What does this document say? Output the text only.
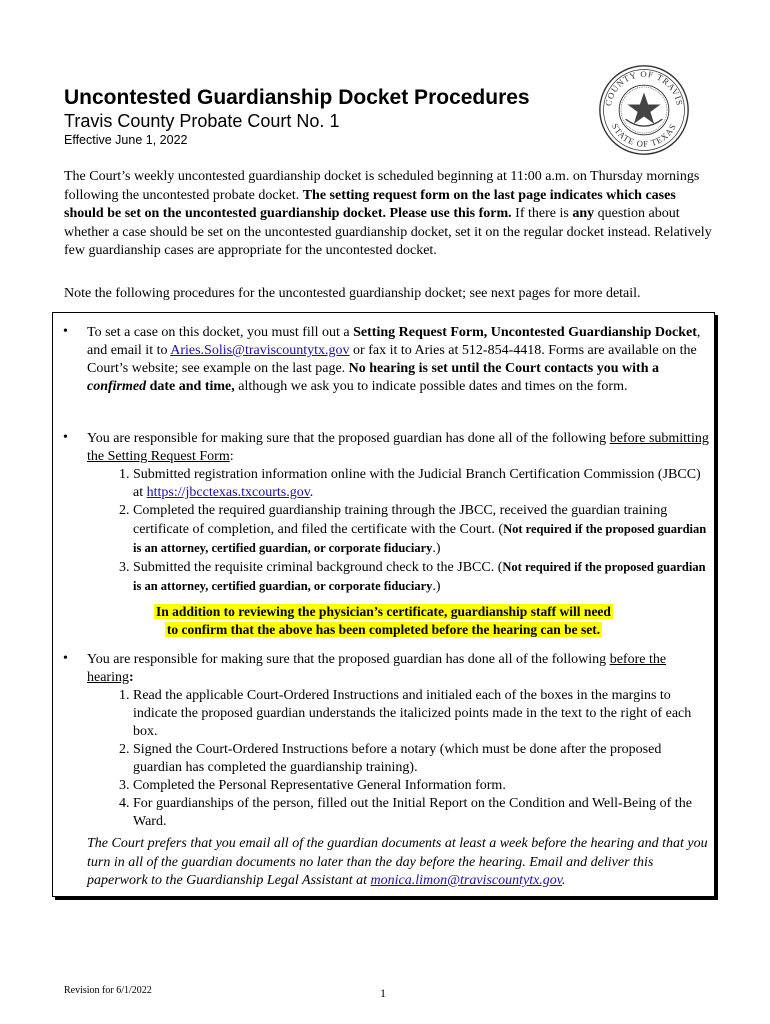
Uncontested Guardianship Docket Procedures
Travis County Probate Court No. 1
Effective June 1, 2022
COUNTY OF TRAVIS
STATE OF TEXAS
The Court’s weekly uncontested guardianship docket is scheduled beginning at 11:00 a.m. on Thursday mornings following the uncontested probate docket. The setting request form on the last page indicates which cases should be set on the uncontested guardianship docket. Please use this form. If there is any question about whether a case should be set on the uncontested guardianship docket, set it on the regular docket instead. Relatively few guardianship cases are appropriate for the uncontested docket.
Note the following procedures for the uncontested guardianship docket; see next pages for more detail.
• To set a case on this docket, you must fill out a Setting Request Form, Uncontested Guardianship Docket, and email it to Aries.Solis@traviscountytx.gov or fax it to Aries at 512-854-4418. Forms are available on the Court’s website; see example on the last page. No hearing is set until the Court contacts you with a confirmed date and time, although we ask you to indicate possible dates and times on the form.
• You are responsible for making sure that the proposed guardian has done all of the following before submitting the Setting Request Form:
1. Submitted registration information online with the Judicial Branch Certification Commission (JBCC) at https://jbcctexas.txcourts.gov.
2. Completed the required guardianship training through the JBCC, received the guardian training certificate of completion, and filed the certificate with the Court. (Not required if the proposed guardian is an attorney, certified guardian, or corporate fiduciary.)
3. Submitted the requisite criminal background check to the JBCC. (Not required if the proposed guardian is an attorney, certified guardian, or corporate fiduciary.)
In addition to reviewing the physician’s certificate, guardianship staff will need
to confirm that the above has been completed before the hearing can be set.
• You are responsible for making sure that the proposed guardian has done all of the following before the hearing:
1. Read the applicable Court-Ordered Instructions and initialed each of the boxes in the margins to indicate the proposed guardian understands the italicized points made in the text to the right of each box.
2. Signed the Court-Ordered Instructions before a notary (which must be done after the proposed guardian has completed the guardianship training).
3. Completed the Personal Representative General Information form.
4. For guardianships of the person, filled out the Initial Report on the Condition and Well-Being of the Ward.
The Court prefers that you email all of the guardian documents at least a week before the hearing and that you turn in all of the guardian documents no later than the day before the hearing. Email and deliver this paperwork to the Guardianship Legal Assistant at monica.limon@traviscountytx.gov.
Revision for 6/1/2022	1
